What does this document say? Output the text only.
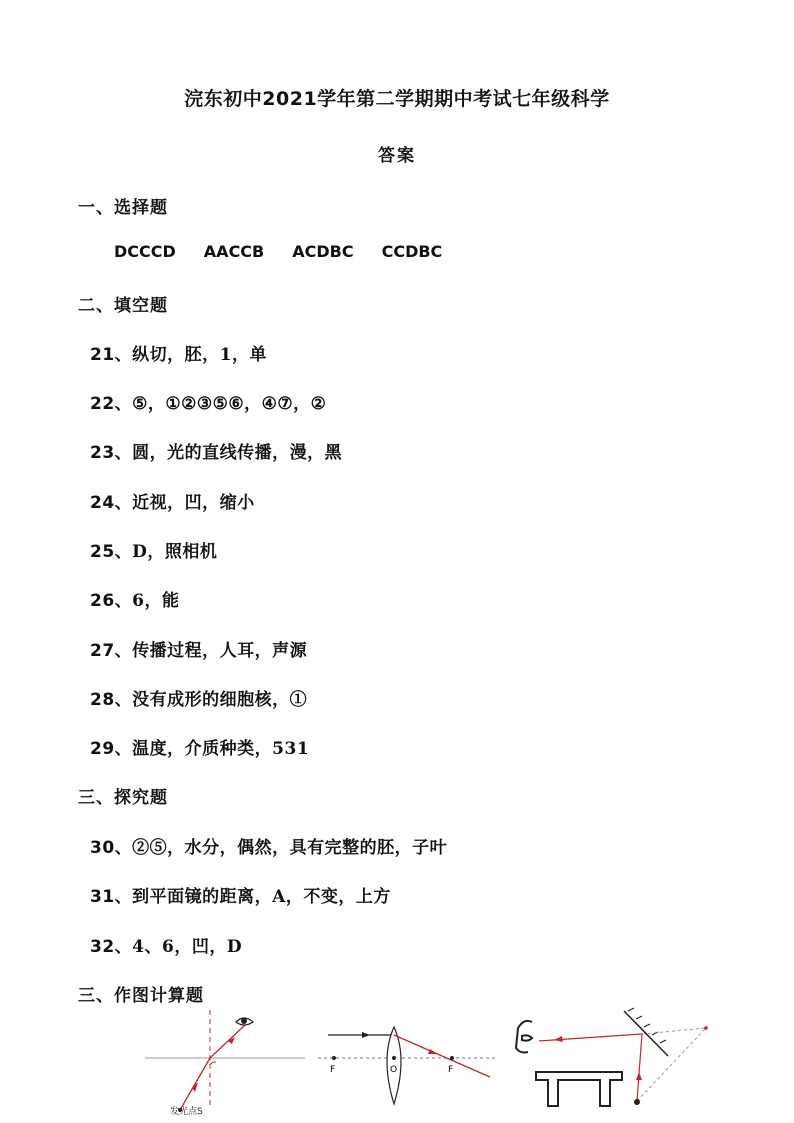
浣东初中2021学年第二学期期中考试七年级科学
答案
一、选择题
DCCCD AACCB ACDBC CCDBC
二、填空题
21、纵切，胚，1，单
22、⑤，①②③⑤⑥，④⑦，②
23、圆，光的直线传播，漫，黑
24、近视，凹，缩小
25、D，照相机
26、6，能
27、传播过程，人耳，声源
28、没有成形的细胞核，①
29、温度，介质种类，531
三、探究题
30、②⑤，水分，偶然，具有完整的胚，子叶
31、到平面镜的距离，A，不变，上方
32、4、6，凹，D
三、作图计算题
发光点S
F	O	F
